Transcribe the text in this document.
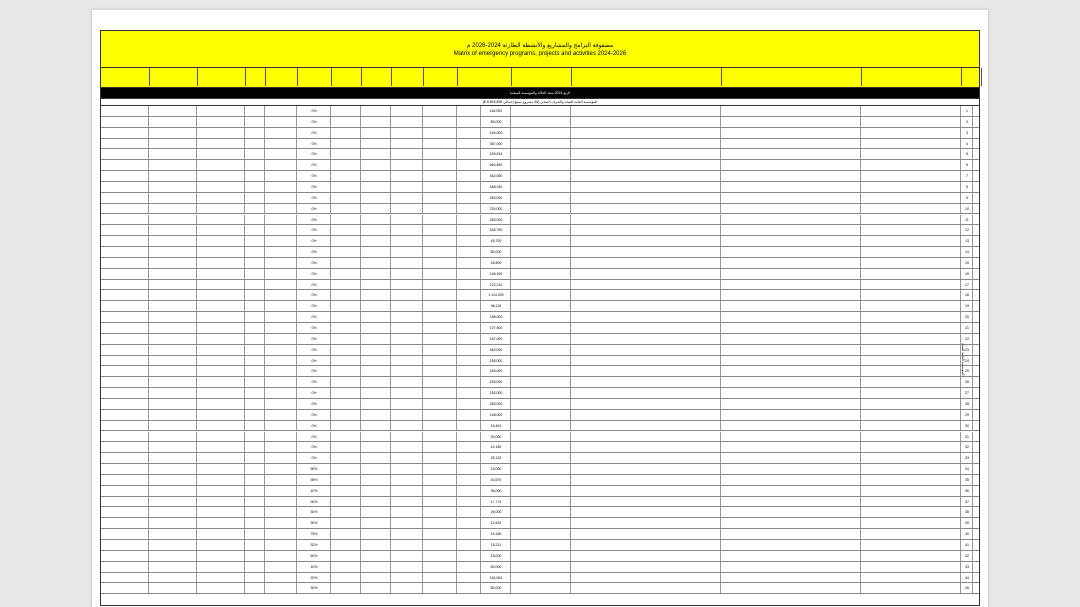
مصفوفة البرامج والمشاريع والأنشطة الطارئة 2024-2026 م
Matrix of emergency programs, projects and activities 2024-2026
الربع 2024 منفذ الحالة والمؤسسة المنفذة
المؤسسة العامة للمياه والصرف الصحي (46 مشروع بمبلغ إجمالي 8,849,855 $)
0%	118,000	1
0%	80,000	2
0%	164,000	3
0%	367,000	4
0%	159,434	5
0%	664,480	6
0%	462,050	7
0%	468,150	8
0%	283,000	9
0%	224,000	10
0%	283,000	11
0%	528,750	12
0%	45,700	13
0%	80,000	14
0%	45,800	15
0%	146,160	16
0%	122,210	17
0%	1,114,000	18
0%	96,116	19
0%	188,000	20
0%	107,500	21
0%	187,000	22
0%	462,000	23
0%	183,000	24
0%	183,000	25
0%	183,000	26
0%	183,000	27
0%	283,000	28
0%	148,000	29
0%	16,461	30
0%	30,000	31
0%	42,180	32
0%	25,132	33
90%	16,000	34
98%	40,570	35
10%	96,000	36
90%	17,774	37
30%	26,000	38
90%	12,632	39
75%	15,180	40
32%	18,211	41
60%	18,000	42
10%	80,000	43
20%	116,000	44
30%	80,000	45
المؤسسة العامة للمياه
